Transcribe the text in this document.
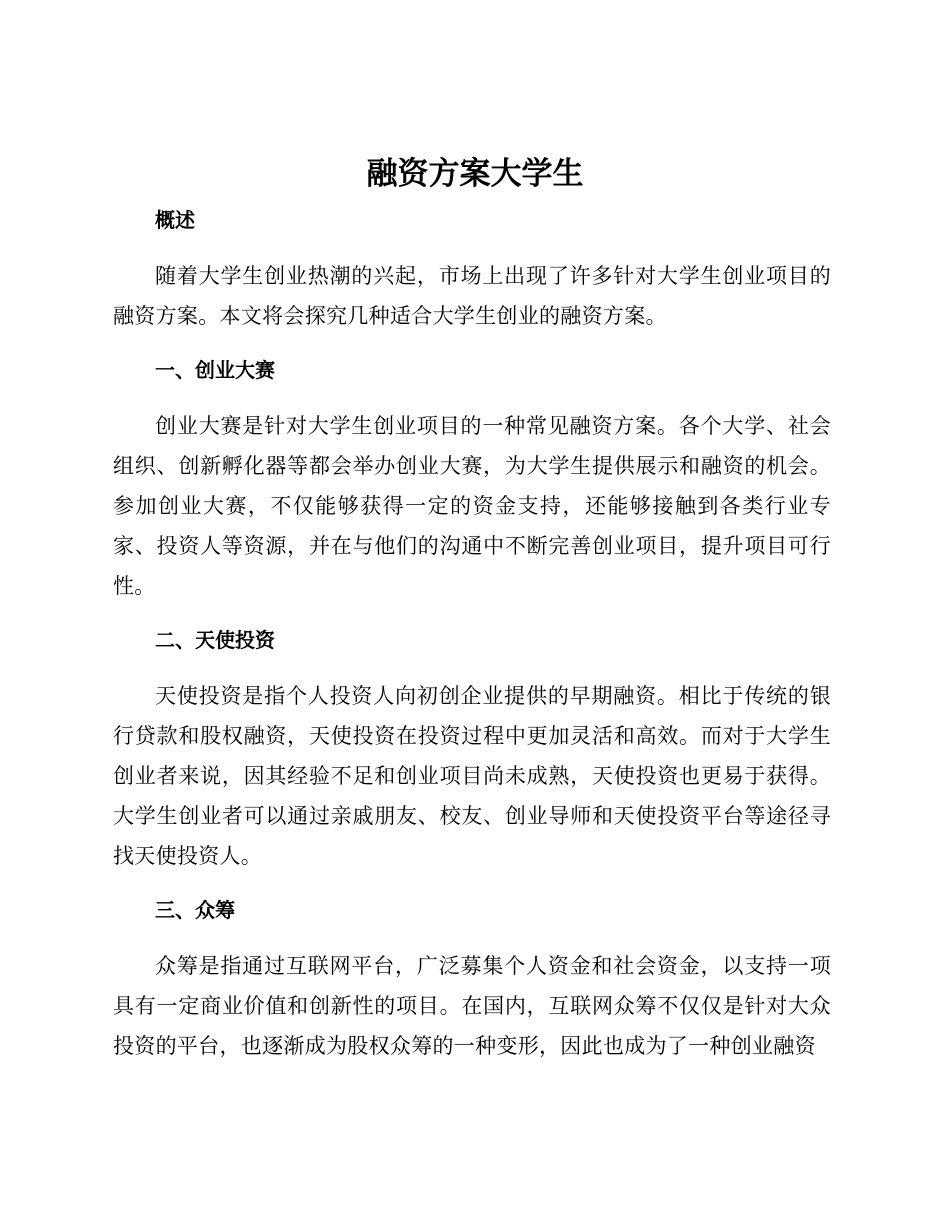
融资方案大学生
概述

随着大学生创业热潮的兴起，市场上出现了许多针对大学生创业项目的融资方案。本文将会探究几种适合大学生创业的融资方案。

一、创业大赛

创业大赛是针对大学生创业项目的一种常见融资方案。各个大学、社会组织、创新孵化器等都会举办创业大赛，为大学生提供展示和融资的机会。参加创业大赛，不仅能够获得一定的资金支持，还能够接触到各类行业专家、投资人等资源，并在与他们的沟通中不断完善创业项目，提升项目可行性。

二、天使投资

天使投资是指个人投资人向初创企业提供的早期融资。相比于传统的银行贷款和股权融资，天使投资在投资过程中更加灵活和高效。而对于大学生创业者来说，因其经验不足和创业项目尚未成熟，天使投资也更易于获得。大学生创业者可以通过亲戚朋友、校友、创业导师和天使投资平台等途径寻找天使投资人。

三、众筹

众筹是指通过互联网平台，广泛募集个人资金和社会资金，以支持一项具有一定商业价值和创新性的项目。在国内，互联网众筹不仅仅是针对大众投资的平台，也逐渐成为股权众筹的一种变形，因此也成为了一种创业融资
